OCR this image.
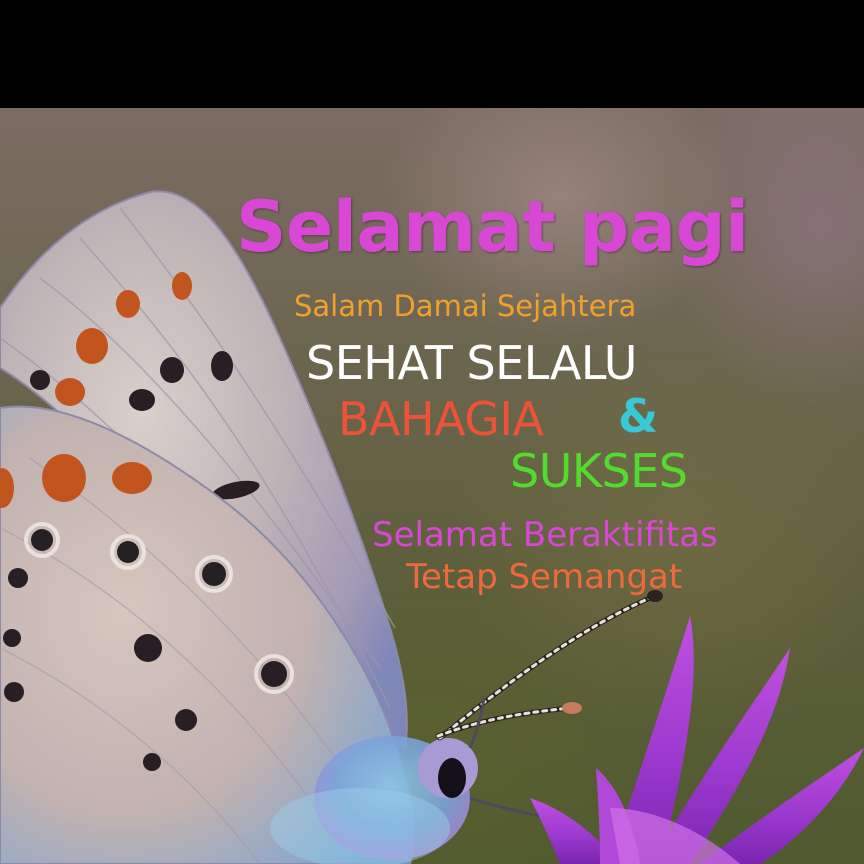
Selamat pagi

Salam Damai Sejahtera

SEHAT SELALU

BAHAGIA &

SUKSES

Selamat Beraktifitas

Tetap Semangat
